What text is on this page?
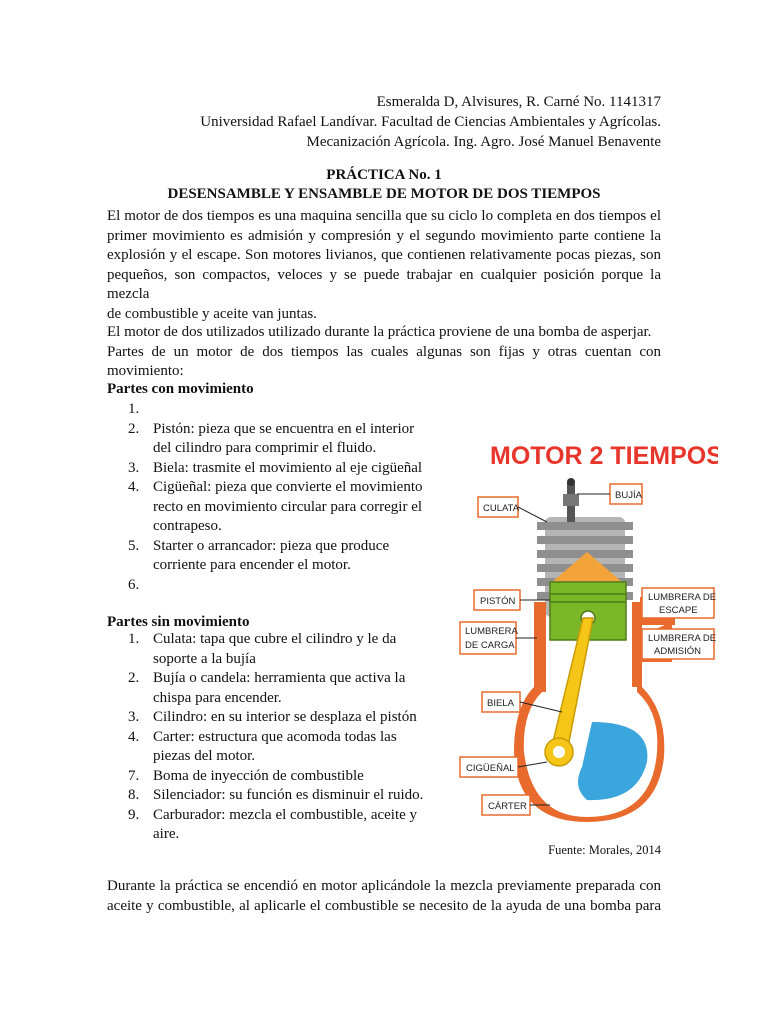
Esmeralda D, Alvisures, R. Carné No. 1141317
Universidad Rafael Landívar. Facultad de Ciencias Ambientales y Agrícolas.
Mecanización Agrícola. Ing. Agro. José Manuel Benavente
PRÁCTICA No. 1
DESENSAMBLE Y ENSAMBLE DE MOTOR DE DOS TIEMPOS
El motor de dos tiempos es una maquina sencilla que su ciclo lo completa en dos tiempos el
primer movimiento es admisión y compresión y el segundo movimiento parte contiene la
explosión y el escape. Son motores livianos, que contienen relativamente pocas piezas, son
pequeños, son compactos, veloces y se puede trabajar en cualquier posición porque la mezcla
de combustible y aceite van juntas.
El motor de dos utilizados utilizado durante la práctica proviene de una bomba de asperjar.
Partes de un motor de dos tiempos las cuales algunas son fijas y otras cuentan con
movimiento:
Partes con movimiento
1.

2. Pistón: pieza que se encuentra en el interior
del cilindro para comprimir el fluido.
3. Biela: trasmite el movimiento al eje cigüeñal
4. Cigüeñal: pieza que convierte el movimiento
recto en movimiento circular para corregir el
contrapeso.
5. Starter o arrancador: pieza que produce
corriente para encender el motor.
6.

Partes sin movimiento
1. Culata: tapa que cubre el cilindro y le da
soporte a la bujía
2. Bujía o candela: herramienta que activa la
chispa para encender.
3. Cilindro: en su interior se desplaza el pistón
4. Carter: estructura que acomoda todas las
piezas del motor.
7. Boma de inyección de combustible
8. Silenciador: su función es disminuir el ruido.
9. Carburador: mezcla el combustible, aceite y
aire.
MOTOR 2 TIEMPOS
CULATA
BUJÍA
PISTÓN	LUMBRERA DE
ESCAPE
LUMBRERA
DE CARGA
LUMBRERA DE
ADMISIÓN
BIELA
CIGÜEÑAL
CÁRTER
Fuente: Morales, 2014
Durante la práctica se encendió en motor aplicándole la mezcla previamente preparada con
aceite y combustible, al aplicarle el combustible se necesito de la ayuda de una bomba para
